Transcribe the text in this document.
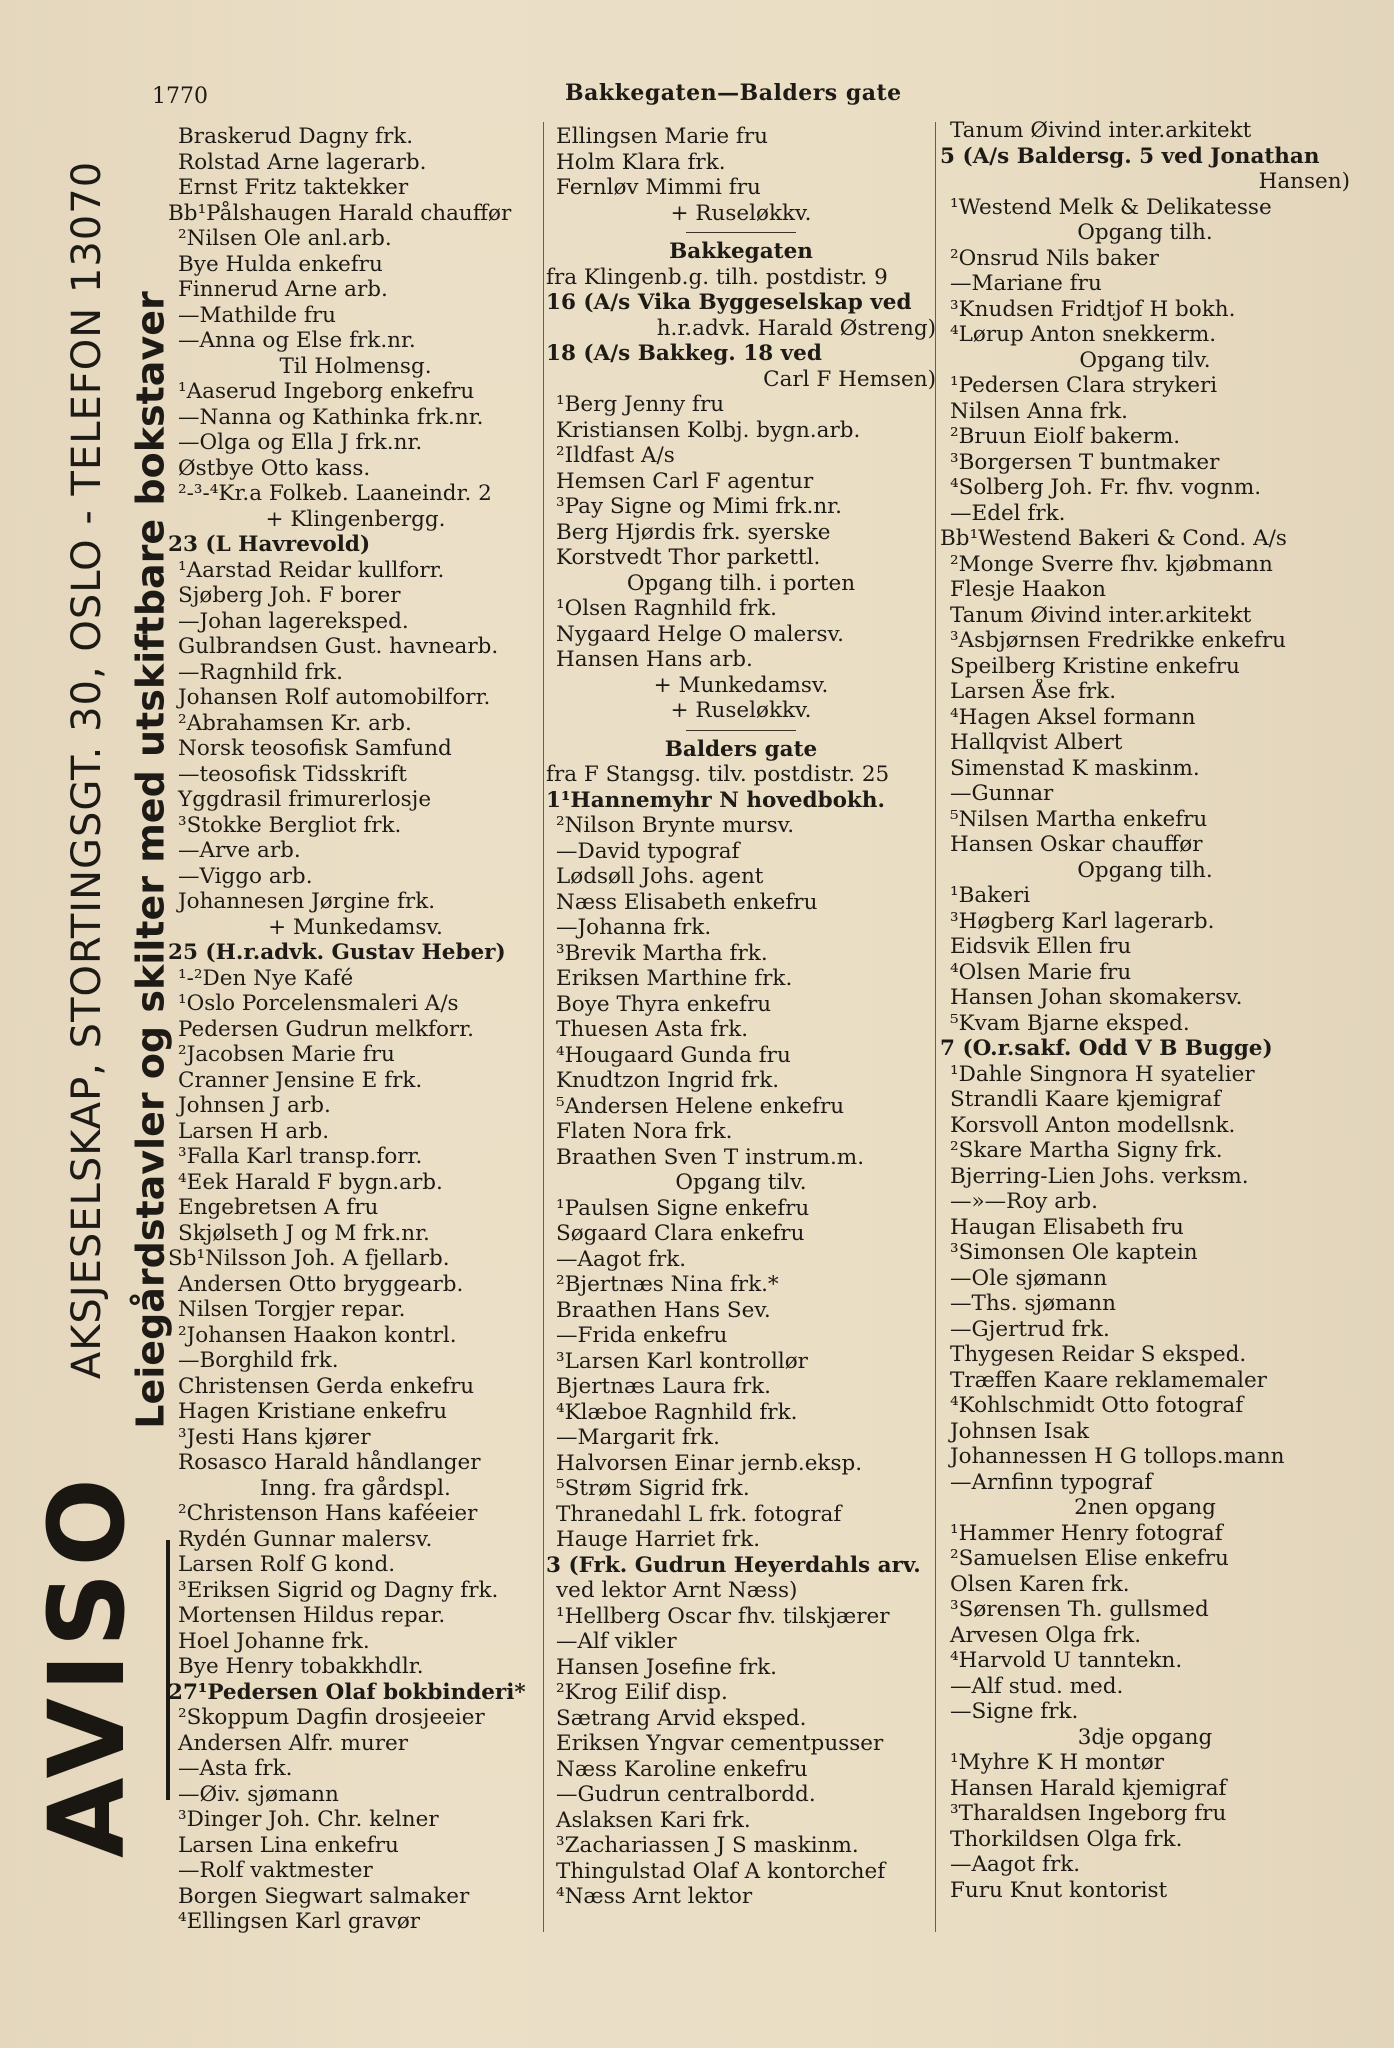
AKSJESELSKAP, STORTINGSGT. 30, OSLO - TELEFON 13070 Leiegårdstavler og skilter med utskiftbare bokstaver
AVISO
1770	Bakkegaten—Balders gate
Braskerud Dagny frk.
Rolstad Arne lagerarb.
Ernst Fritz taktekker
Bb¹Pålshaugen Harald chauffør
²Nilsen Ole anl.arb.
Bye Hulda enkefru
Finnerud Arne arb.
—Mathilde fru
—Anna og Else frk.nr.
Til Holmensg.
¹Aaserud Ingeborg enkefru
—Nanna og Kathinka frk.nr.
—Olga og Ella J frk.nr.
Østbye Otto kass.
²-³-⁴Kr.a Folkeb. Laaneindr. 2
+ Klingenbergg.
23 (L Havrevold)
¹Aarstad Reidar kullforr.
Sjøberg Joh. F borer
—Johan lagereksped.
Gulbrandsen Gust. havnearb.
—Ragnhild frk.
Johansen Rolf automobilforr.
²Abrahamsen Kr. arb.
Norsk teosofisk Samfund
—teosofisk Tidsskrift
Yggdrasil frimurerlosje
³Stokke Bergliot frk.
—Arve arb.
—Viggo arb.
Johannesen Jørgine frk.
+ Munkedamsv.
25 (H.r.advk. Gustav Heber)
¹-²Den Nye Kafé
¹Oslo Porcelensmaleri A/s
Pedersen Gudrun melkforr.
²Jacobsen Marie fru
Cranner Jensine E frk.
Johnsen J arb.
Larsen H arb.
³Falla Karl transp.forr.
⁴Eek Harald F bygn.arb.
Engebretsen A fru
Skjølseth J og M frk.nr.
Sb¹Nilsson Joh. A fjellarb.
Andersen Otto bryggearb.
Nilsen Torgjer repar.
²Johansen Haakon kontrl.
—Borghild frk.
Christensen Gerda enkefru
Hagen Kristiane enkefru
³Jesti Hans kjører
Rosasco Harald håndlanger
Inng. fra gårdspl.
²Christenson Hans kaféeier
Rydén Gunnar malersv.
Larsen Rolf G kond.
³Eriksen Sigrid og Dagny frk.
Mortensen Hildus repar.
Hoel Johanne frk.
Bye Henry tobakkhdlr.
27¹Pedersen Olaf bokbinderi*
²Skoppum Dagfin drosjeeier
Andersen Alfr. murer
—Asta frk.
—Øiv. sjømann
³Dinger Joh. Chr. kelner
Larsen Lina enkefru
—Rolf vaktmester
Borgen Siegwart salmaker
⁴Ellingsen Karl gravør
Ellingsen Marie fru
Holm Klara frk.
Fernløv Mimmi fru
+ Ruseløkkv.
Bakkegaten
fra Klingenb.g. tilh. postdistr. 9
16 (A/s Vika Byggeselskap ved
h.r.advk. Harald Østreng)
18 (A/s Bakkeg. 18 ved
Carl F Hemsen)
¹Berg Jenny fru
Kristiansen Kolbj. bygn.arb.
²Ildfast A/s
Hemsen Carl F agentur
³Pay Signe og Mimi frk.nr.
Berg Hjørdis frk. syerske
Korstvedt Thor parkettl.
Opgang tilh. i porten
¹Olsen Ragnhild frk.
Nygaard Helge O malersv.
Hansen Hans arb.
+ Munkedamsv.
+ Ruseløkkv.
Balders gate
fra F Stangsg. tilv. postdistr. 25
1¹Hannemyhr N hovedbokh.
²Nilson Brynte mursv.
—David typograf
Lødsøll Johs. agent
Næss Elisabeth enkefru
—Johanna frk.
³Brevik Martha frk.
Eriksen Marthine frk.
Boye Thyra enkefru
Thuesen Asta frk.
⁴Hougaard Gunda fru
Knudtzon Ingrid frk.
⁵Andersen Helene enkefru
Flaten Nora frk.
Braathen Sven T instrum.m.
Opgang tilv.
¹Paulsen Signe enkefru
Søgaard Clara enkefru
—Aagot frk.
²Bjertnæs Nina frk.*
Braathen Hans Sev.
—Frida enkefru
³Larsen Karl kontrollør
Bjertnæs Laura frk.
⁴Klæboe Ragnhild frk.
—Margarit frk.
Halvorsen Einar jernb.eksp.
⁵Strøm Sigrid frk.
Thranedahl L frk. fotograf
Hauge Harriet frk.
3 (Frk. Gudrun Heyerdahls arv.
ved lektor Arnt Næss)
¹Hellberg Oscar fhv. tilskjærer
—Alf vikler
Hansen Josefine frk.
²Krog Eilif disp.
Sætrang Arvid eksped.
Eriksen Yngvar cementpusser
Næss Karoline enkefru
—Gudrun centralbordd.
Aslaksen Kari frk.
³Zachariassen J S maskinm.
Thingulstad Olaf A kontorchef
⁴Næss Arnt lektor
Tanum Øivind inter.arkitekt
5 (A/s Baldersg. 5 ved Jonathan
Hansen)
¹Westend Melk & Delikatesse
Opgang tilh.
²Onsrud Nils baker
—Mariane fru
³Knudsen Fridtjof H bokh.
⁴Lørup Anton snekkerm.
Opgang tilv.
¹Pedersen Clara strykeri
Nilsen Anna frk.
²Bruun Eiolf bakerm.
³Borgersen T buntmaker
⁴Solberg Joh. Fr. fhv. vognm.
—Edel frk.
Bb¹Westend Bakeri & Cond. A/s
²Monge Sverre fhv. kjøbmann
Flesje Haakon
Tanum Øivind inter.arkitekt
³Asbjørnsen Fredrikke enkefru
Speilberg Kristine enkefru
Larsen Åse frk.
⁴Hagen Aksel formann
Hallqvist Albert
Simenstad K maskinm.
—Gunnar
⁵Nilsen Martha enkefru
Hansen Oskar chauffør
Opgang tilh.
¹Bakeri
³Høgberg Karl lagerarb.
Eidsvik Ellen fru
⁴Olsen Marie fru
Hansen Johan skomakersv.
⁵Kvam Bjarne eksped.
7 (O.r.sakf. Odd V B Bugge)
¹Dahle Singnora H syatelier
Strandli Kaare kjemigraf
Korsvoll Anton modellsnk.
²Skare Martha Signy frk.
Bjerring-Lien Johs. verksm.
—»—Roy arb.
Haugan Elisabeth fru
³Simonsen Ole kaptein
—Ole sjømann
—Ths. sjømann
—Gjertrud frk.
Thygesen Reidar S eksped.
Træffen Kaare reklamemaler
⁴Kohlschmidt Otto fotograf
Johnsen Isak
Johannessen H G tollops.mann
—Arnfinn typograf
2nen opgang
¹Hammer Henry fotograf
²Samuelsen Elise enkefru
Olsen Karen frk.
³Sørensen Th. gullsmed
Arvesen Olga frk.
⁴Harvold U tanntekn.
—Alf stud. med.
—Signe frk.
3dje opgang
¹Myhre K H montør
Hansen Harald kjemigraf
³Tharaldsen Ingeborg fru
Thorkildsen Olga frk.
—Aagot frk.
Furu Knut kontorist
